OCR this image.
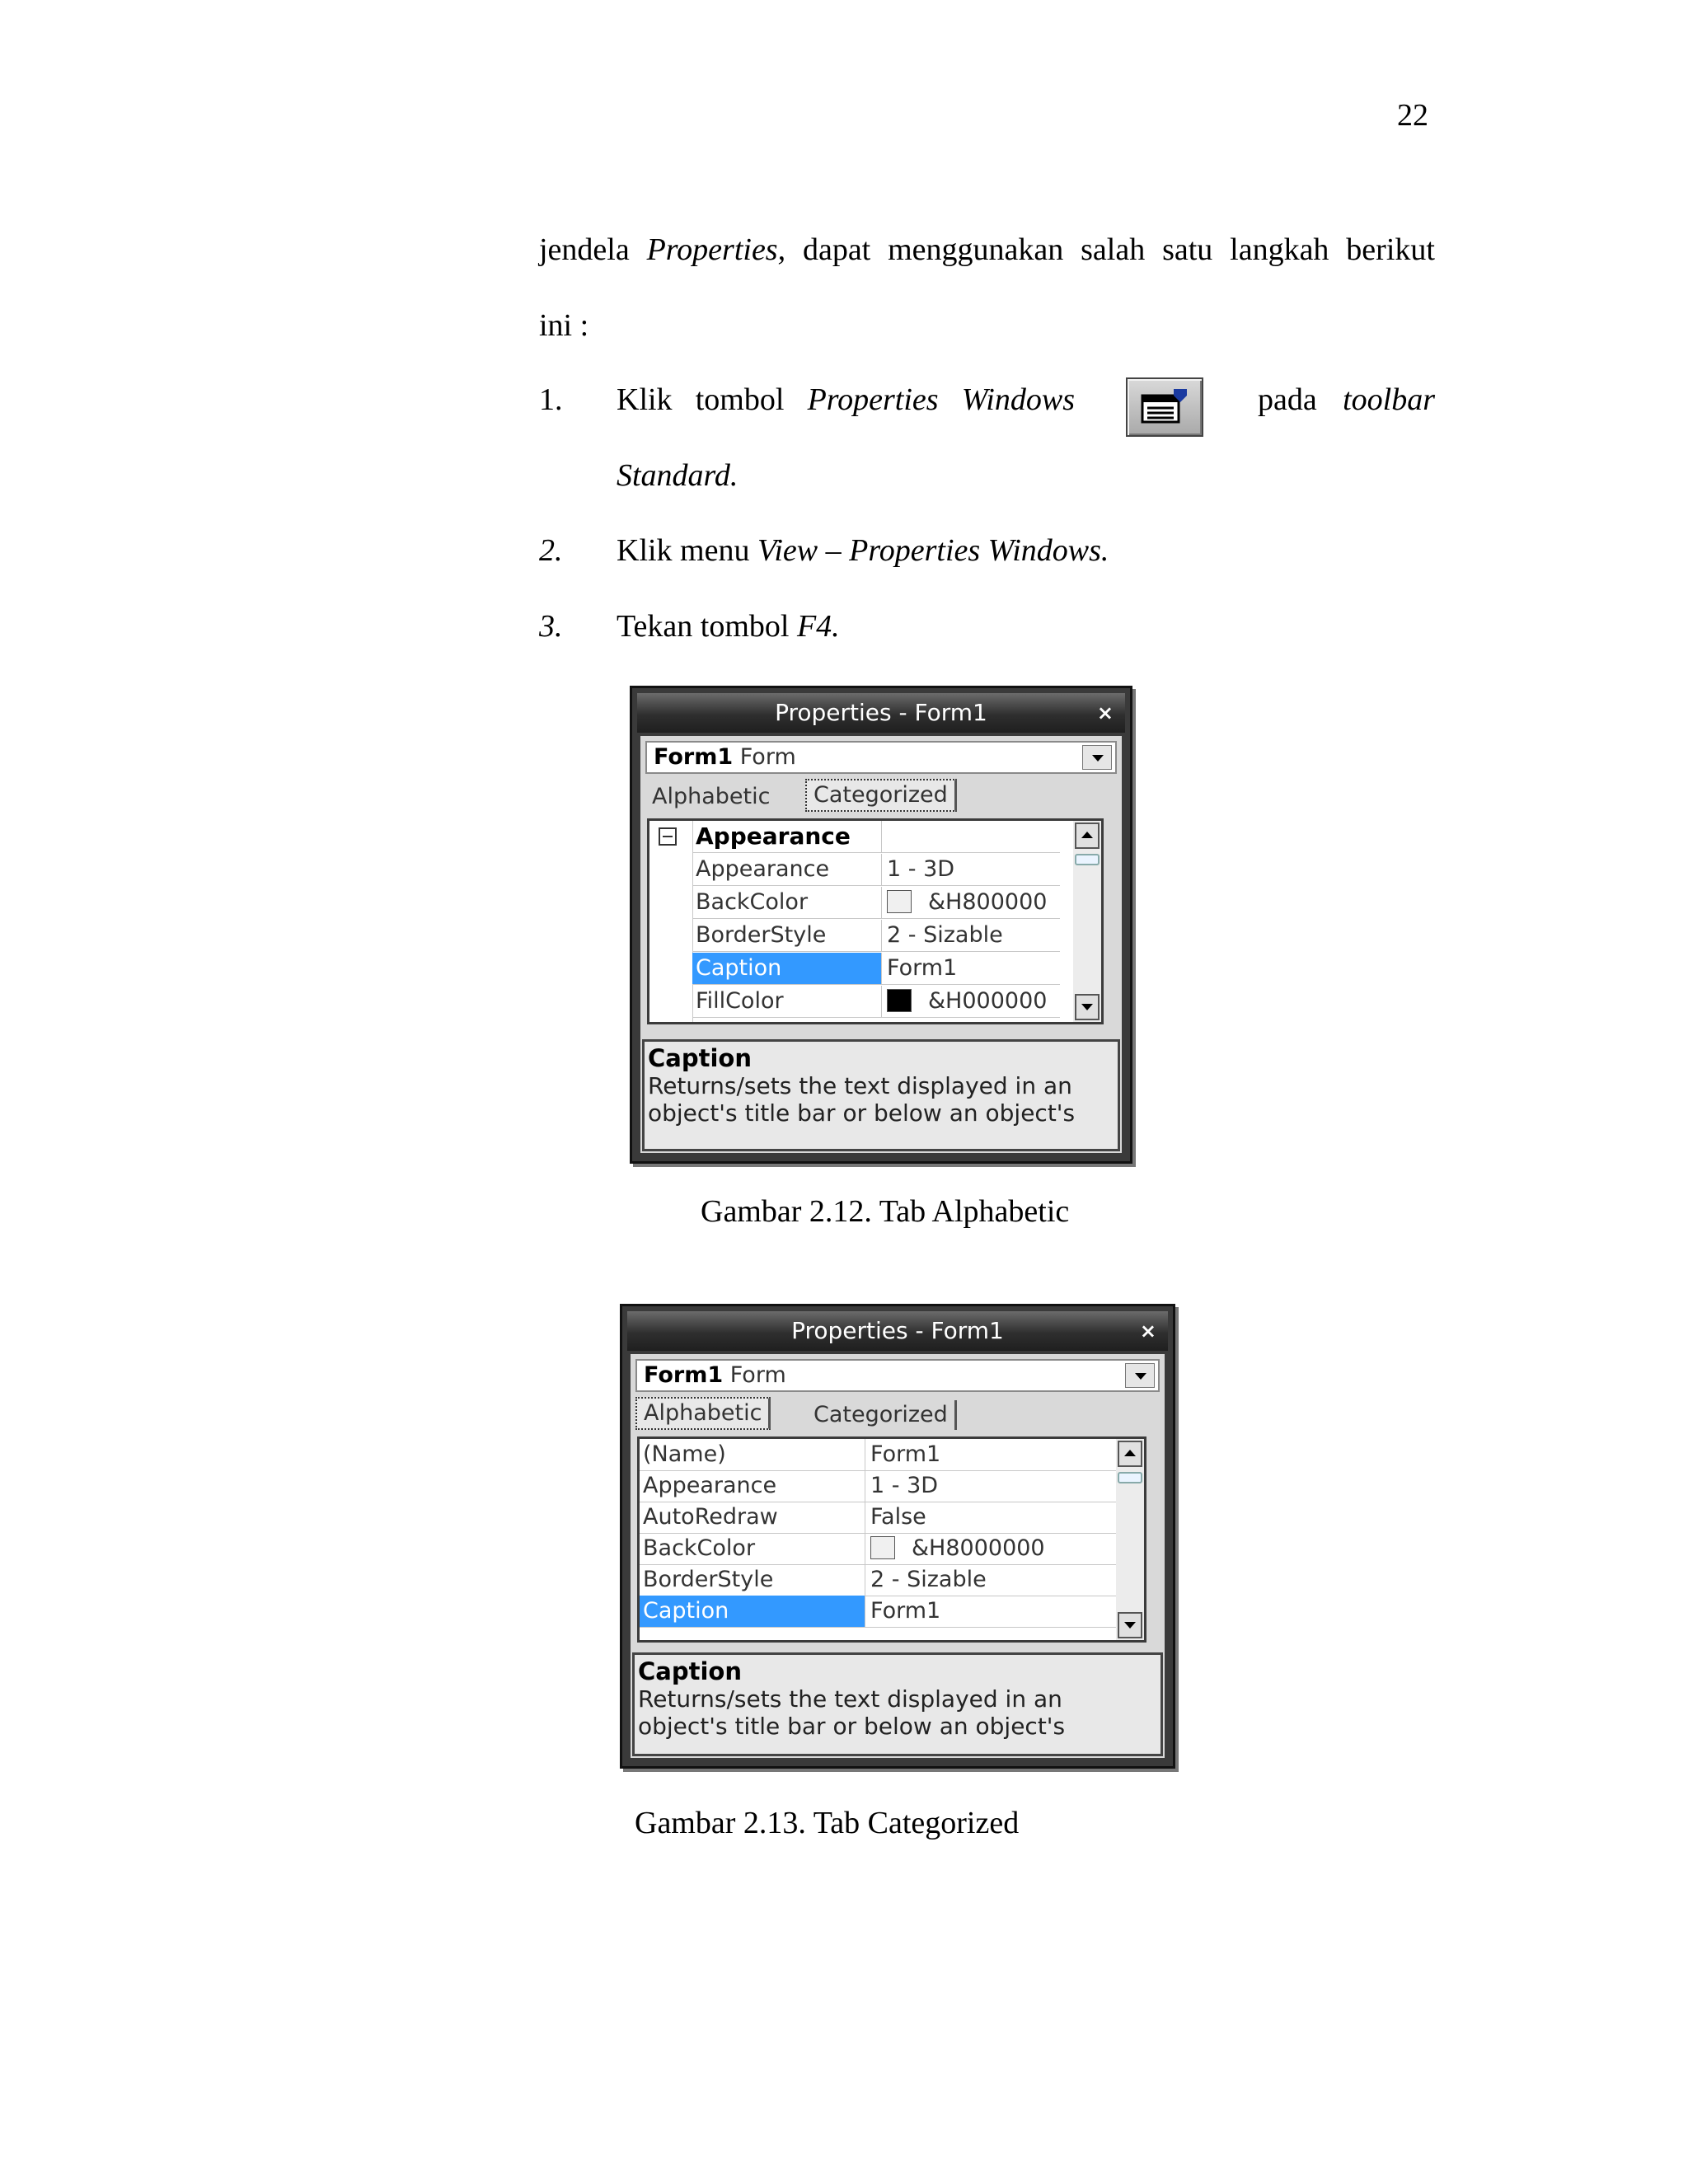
22
jendela Properties, dapat menggunakan salah satu langkah berikut
ini :
1. Klik tombol Properties Windows	pada toolbar
Standard.
2. Klik menu View – Properties Windows.
3. Tekan tombol F4.
Properties - Form1	×
Form1 Form
Alphabetic	Categorized
Appearance
Appearance	1 - 3D
BackColor	&H800000
BorderStyle	2 - Sizable
Caption	Form1
FillColor	&H000000
Caption
Returns/sets the text displayed in an
object's title bar or below an object's
Gambar 2.12. Tab Alphabetic
Properties - Form1	×
Form1 Form
Alphabetic	Categorized
(Name)	Form1
Appearance	1 - 3D
AutoRedraw	False
BackColor	&H8000000
BorderStyle	2 - Sizable
Caption	Form1
Caption
Returns/sets the text displayed in an
object's title bar or below an object's
Gambar 2.13. Tab Categorized
